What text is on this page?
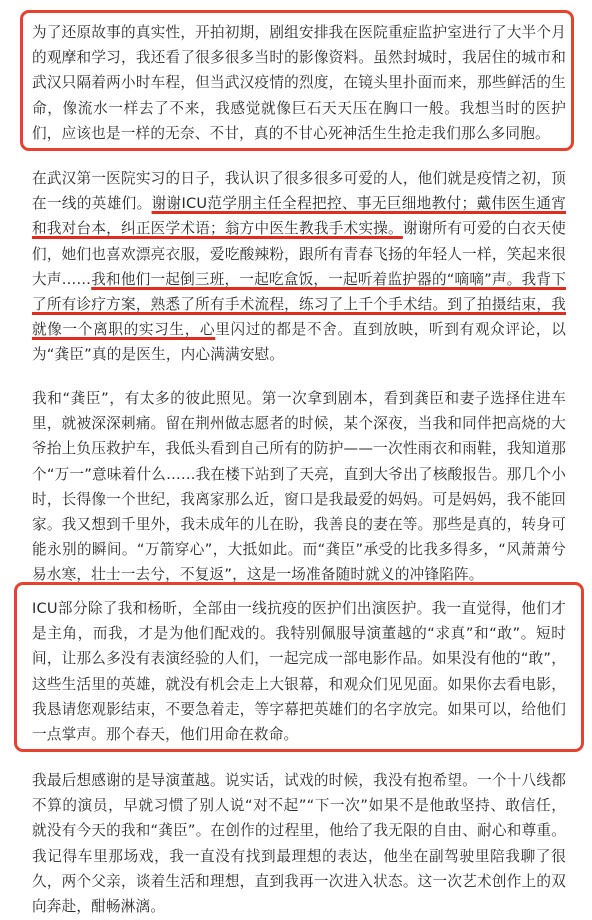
为了还原故事的真实性，开拍初期，剧组安排我在医院重症监护室进行了大半个月的观摩和学习，我还看了很多很多当时的影像资料。虽然封城时，我居住的城市和武汉只隔着两小时车程，但当武汉疫情的烈度，在镜头里扑面而来，那些鲜活的生命，像流水一样去了不来，我感觉就像巨石天天压在胸口一般。我想当时的医护们，应该也是一样的无奈、不甘，真的不甘心死神活生生抢走我们那么多同胞。

在武汉第一医院实习的日子，我认识了很多很多可爱的人，他们就是疫情之初，顶在一线的英雄们。谢谢ICU范学朋主任全程把控、事无巨细地教付；戴伟医生通宵和我对台本，纠正医学术语；翁方中医生教我手术实操。谢谢所有可爱的白衣天使们，她们也喜欢漂亮衣服，爱吃酸辣粉，跟所有青春飞扬的年轻人一样，笑起来很大声……我和他们一起倒三班，一起吃盒饭，一起听着监护器的“嘀嘀”声。我背下了所有诊疗方案，熟悉了所有手术流程，练习了上千个手术结。到了拍摄结束，我就像一个离职的实习生，心里闪过的都是不舍。直到放映，听到有观众评论，以为“龚臣”真的是医生，内心满满安慰。

我和“龚臣”，有太多的彼此照见。第一次拿到剧本，看到龚臣和妻子选择住进车里，就被深深刺痛。留在荆州做志愿者的时候，某个深夜，当我和同伴把高烧的大爷抬上负压救护车，我低头看到自己所有的防护——一次性雨衣和雨鞋，我知道那个“万一”意味着什么……我在楼下站到了天亮，直到大爷出了核酸报告。那几个小时，长得像一个世纪，我离家那么近，窗口是我最爱的妈妈。可是妈妈，我不能回家。我又想到千里外，我未成年的儿在盼，我善良的妻在等。那些是真的，转身可能永别的瞬间。“万箭穿心”，大抵如此。而“龚臣”承受的比我多得多，“风萧萧兮易水寒，壮士一去兮，不复返”，这是一场准备随时就义的冲锋陷阵。

ICU部分除了我和杨昕，全部由一线抗疫的医护们出演医护。我一直觉得，他们才是主角，而我，才是为他们配戏的。我特别佩服导演董越的“求真”和“敢”。短时间，让那么多没有表演经验的人们，一起完成一部电影作品。如果没有他的“敢”，这些生活里的英雄，就没有机会走上大银幕，和观众们见见面。如果你去看电影，我恳请您观影结束，不要急着走，等字幕把英雄们的名字放完。如果可以，给他们一点掌声。那个春天，他们用命在救命。

我最后想感谢的是导演董越。说实话，试戏的时候，我没有抱希望。一个十八线都不算的演员，早就习惯了别人说“对不起”“下一次”如果不是他敢坚持、敢信任，就没有今天的我和“龚臣”。在创作的过程里，他给了我无限的自由、耐心和尊重。我记得车里那场戏，我一直没有找到最理想的表达，他坐在副驾驶里陪我聊了很久，两个父亲，谈着生活和理想，直到我再一次进入状态。这一次艺术创作上的双向奔赴，酣畅淋漓。
